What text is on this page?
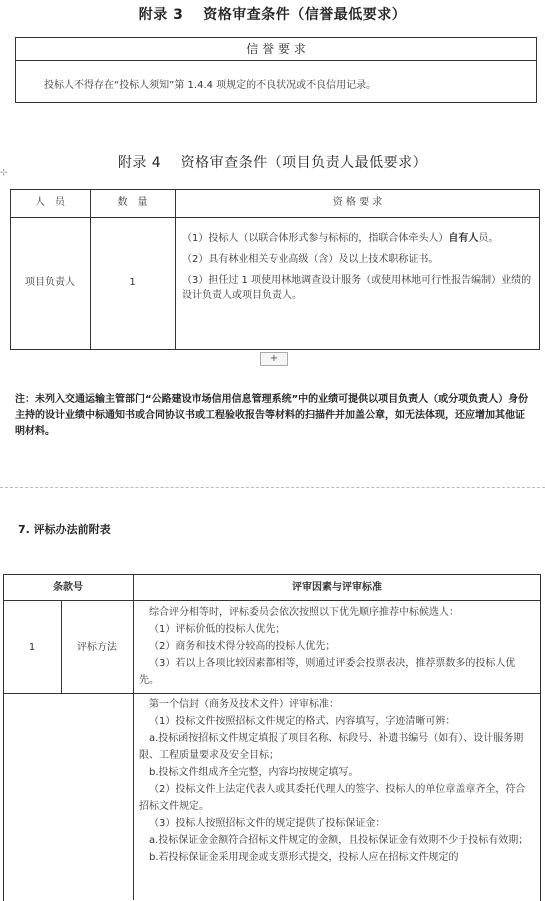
附录 3　 资格审查条件（信誉最低要求）
信 誉 要 求
投标人不得存在“投标人须知”第 1.4.4 项规定的不良状况或不良信用记录。
附录 4　 资格审查条件（项目负责人最低要求）
⊹
人　员	数　量	资 格 要 求
项目负责人	1
（1）投标人（以联合体形式参与标标的，指联合体牵头人）自有人员。
（2）具有林业相关专业高级（含）及以上技术职称证书。
（3）担任过 1 项使用林地调查设计服务（或使用林地可行性报告编制）业绩的设计负责人或项目负责人。
+
注：未列入交通运输主管部门“公路建设市场信用信息管理系统”中的业绩可提供以项目负责人（或分项负责人）身份主持的设计业绩中标通知书或合同协议书或工程验收报告等材料的扫描件并加盖公章，如无法体现，还应增加其他证明材料。
7. 评标办法前附表
条款号	评审因素与评审标准
1	评标方法
综合评分相等时，评标委员会依次按照以下优先顺序推荐中标候选人：
（1）评标价低的投标人优先；
（2）商务和技术得分较高的投标人优先；
（3）若以上各项比较因素都相等，则通过评委会投票表决，推荐票数多的投标人优先。
第一个信封（商务及技术文件）评审标准：
（1）投标文件按照招标文件规定的格式、内容填写，字迹清晰可辨：
a.投标函按招标文件规定填报了项目名称、标段号、补遗书编号（如有）、设计服务期限、工程质量要求及安全目标；
b.投标文件组成齐全完整，内容均按规定填写。
（2）投标文件上法定代表人或其委托代理人的签字、投标人的单位章盖章齐全，符合招标文件规定。
（3）投标人按照招标文件的规定提供了投标保证金：
a.投标保证金金额符合招标文件规定的金额，且投标保证金有效期不少于投标有效期；
b.若投标保证金采用现金或支票形式提交，投标人应在招标文件规定的
